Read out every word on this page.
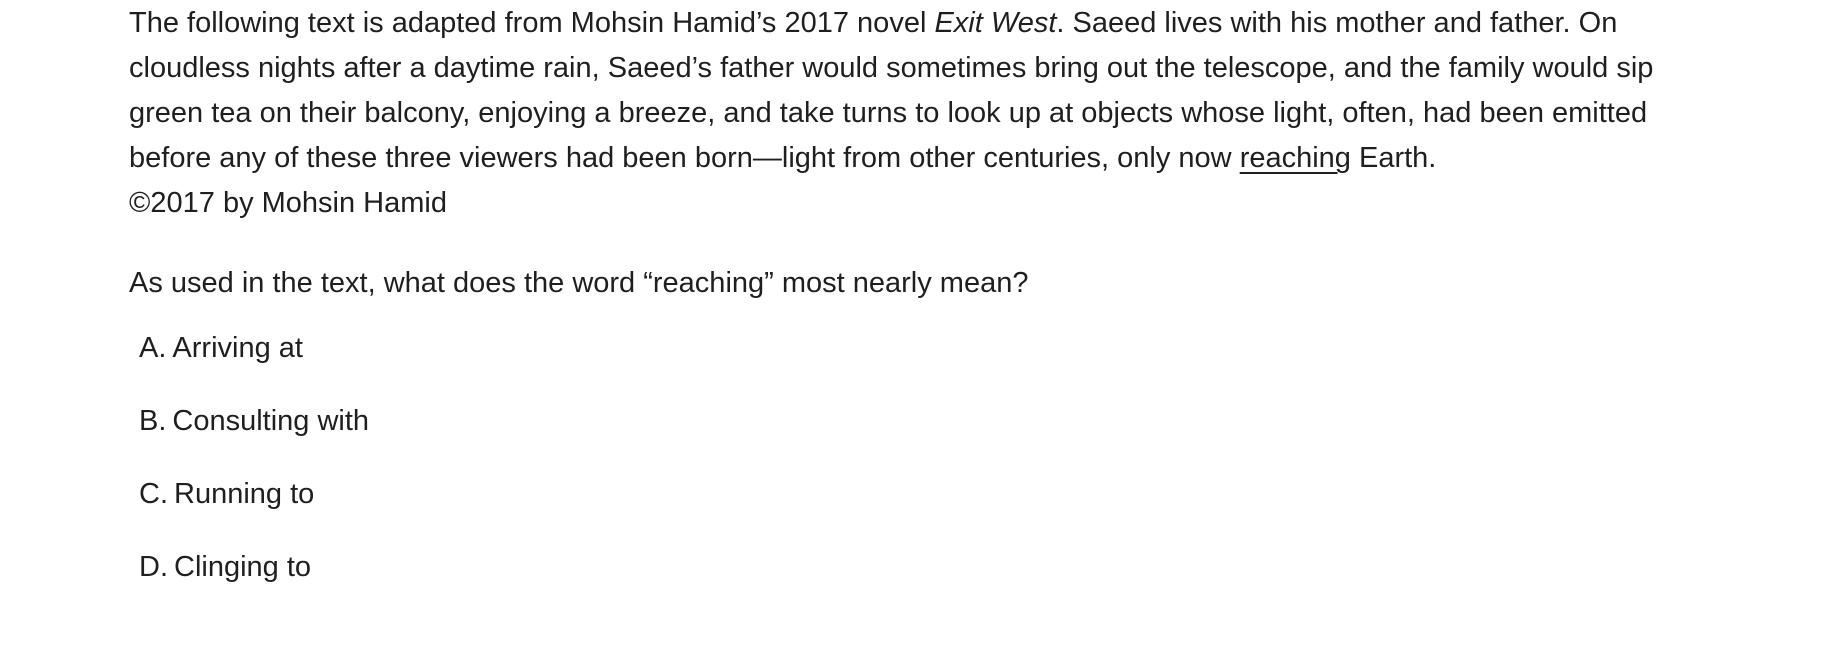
The following text is adapted from Mohsin Hamid’s 2017 novel Exit West. Saeed lives with his mother and father. On cloudless nights after a daytime rain, Saeed’s father would sometimes bring out the telescope, and the family would sip green tea on their balcony, enjoying a breeze, and take turns to look up at objects whose light, often, had been emitted before any of these three viewers had been born—light from other centuries, only now reaching Earth.

©2017 by Mohsin Hamid

As used in the text, what does the word “reaching” most nearly mean?

A. Arriving at
B. Consulting with
C. Running to
D. Clinging to
